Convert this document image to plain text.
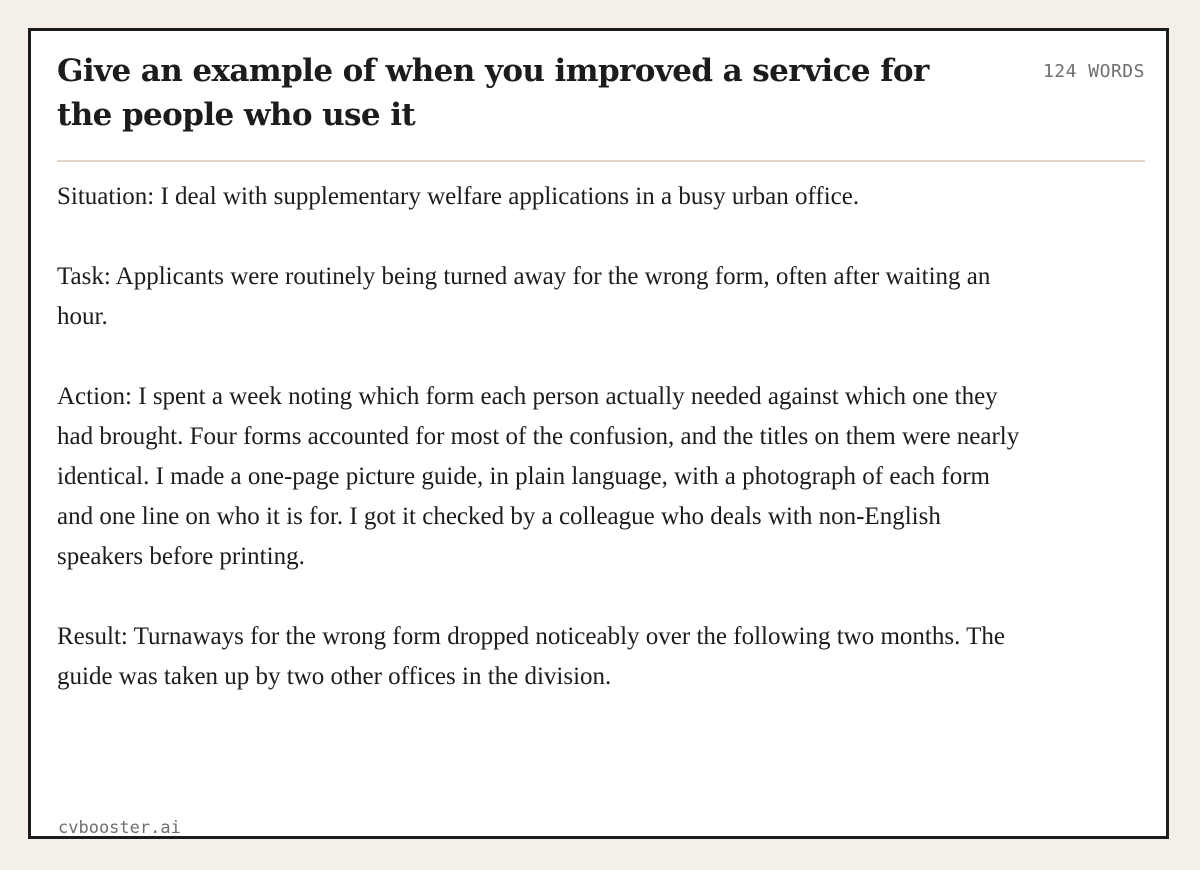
Give an example of when you improved a service for the people who use it
124 WORDS

Situation: I deal with supplementary welfare applications in a busy urban office.

Task: Applicants were routinely being turned away for the wrong form, often after waiting an hour.

Action: I spent a week noting which form each person actually needed against which one they had brought. Four forms accounted for most of the confusion, and the titles on them were nearly identical. I made a one-page picture guide, in plain language, with a photograph of each form and one line on who it is for. I got it checked by a colleague who deals with non-English speakers before printing.

Result: Turnaways for the wrong form dropped noticeably over the following two months. The guide was taken up by two other offices in the division.

cvbooster.ai
